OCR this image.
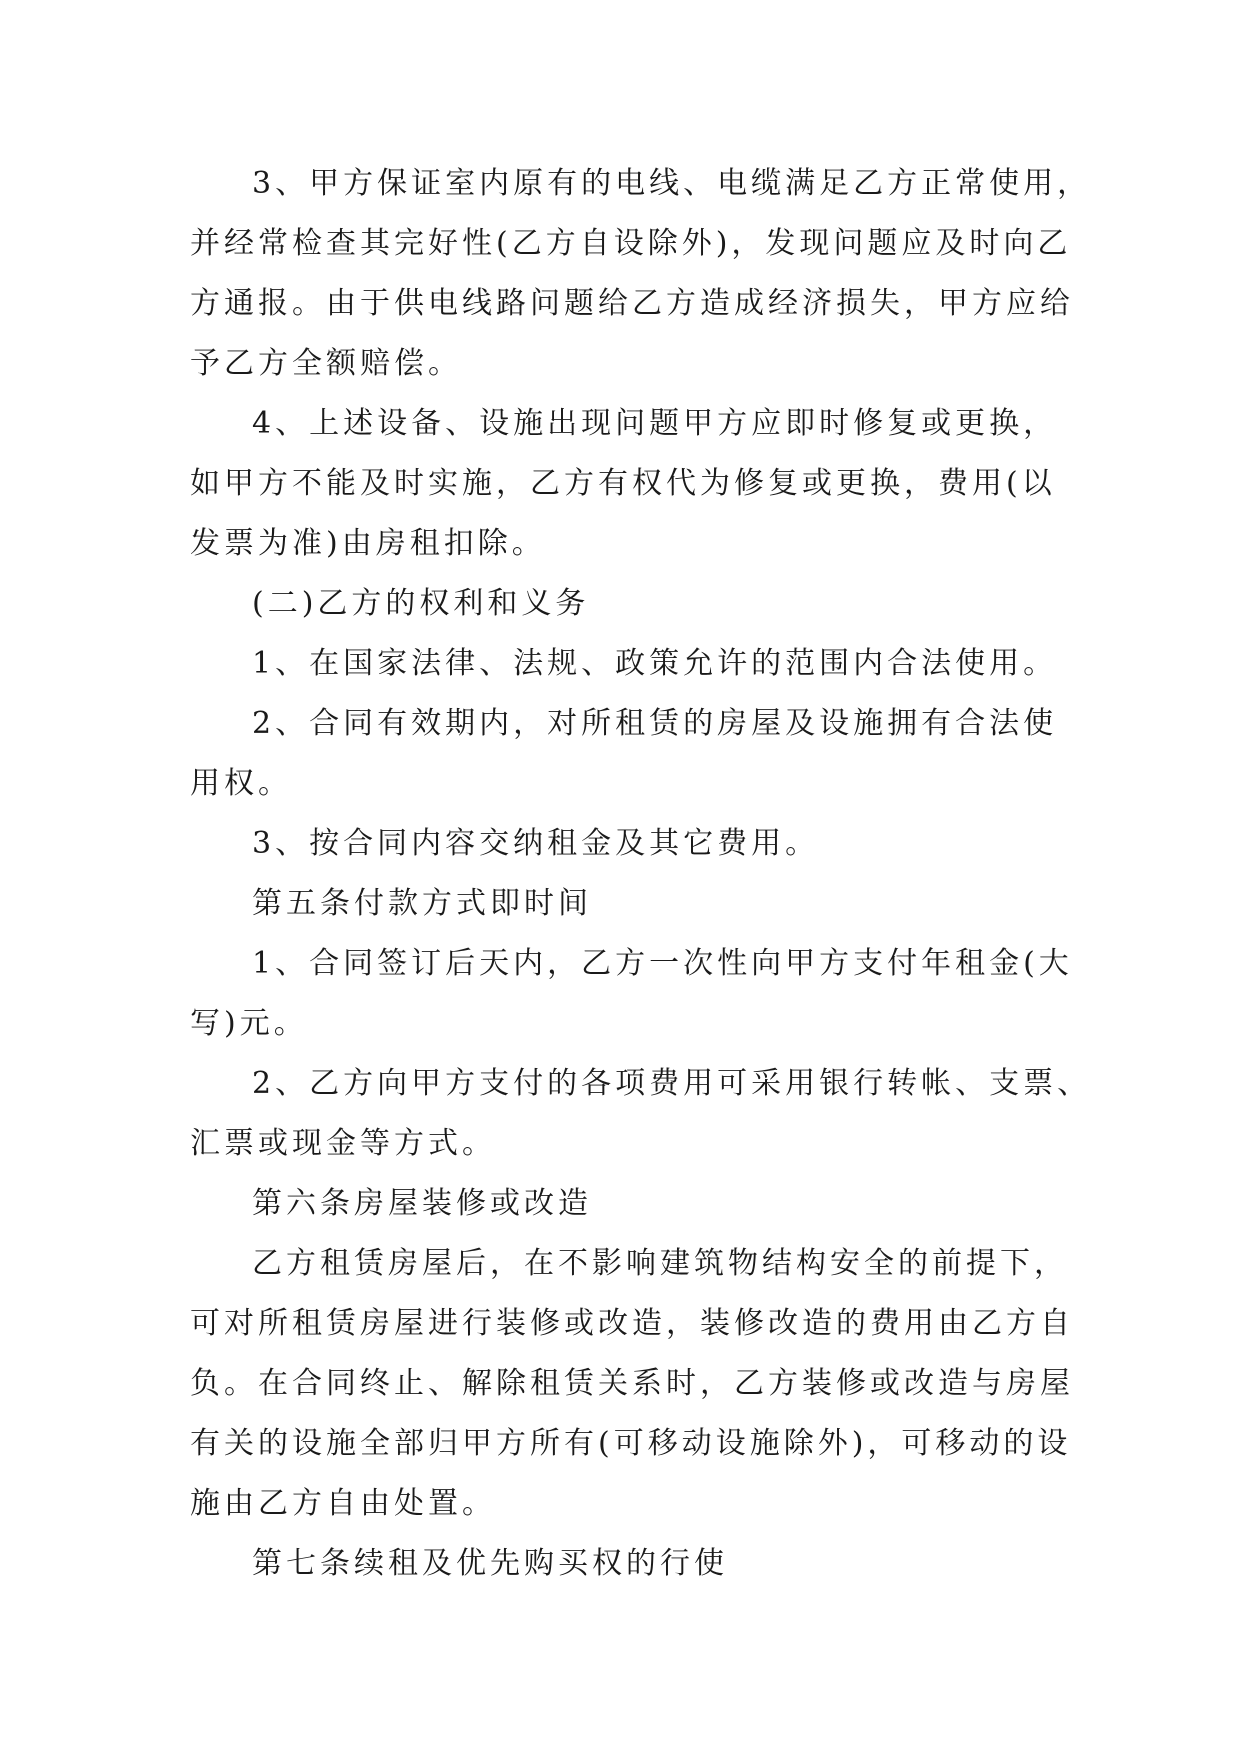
3、甲方保证室内原有的电线、电缆满足乙方正常使用，
并经常检查其完好性(乙方自设除外)，发现问题应及时向乙
方通报。由于供电线路问题给乙方造成经济损失，甲方应给
予乙方全额赔偿。
4、上述设备、设施出现问题甲方应即时修复或更换，
如甲方不能及时实施，乙方有权代为修复或更换，费用(以
发票为准)由房租扣除。
(二)乙方的权利和义务
1、在国家法律、法规、政策允许的范围内合法使用。
2、合同有效期内，对所租赁的房屋及设施拥有合法使
用权。
3、按合同内容交纳租金及其它费用。
第五条付款方式即时间
1、合同签订后天内，乙方一次性向甲方支付年租金(大
写)元。
2、乙方向甲方支付的各项费用可采用银行转帐、支票、
汇票或现金等方式。
第六条房屋装修或改造
乙方租赁房屋后，在不影响建筑物结构安全的前提下，
可对所租赁房屋进行装修或改造，装修改造的费用由乙方自
负。在合同终止、解除租赁关系时，乙方装修或改造与房屋
有关的设施全部归甲方所有(可移动设施除外)，可移动的设
施由乙方自由处置。
第七条续租及优先购买权的行使
